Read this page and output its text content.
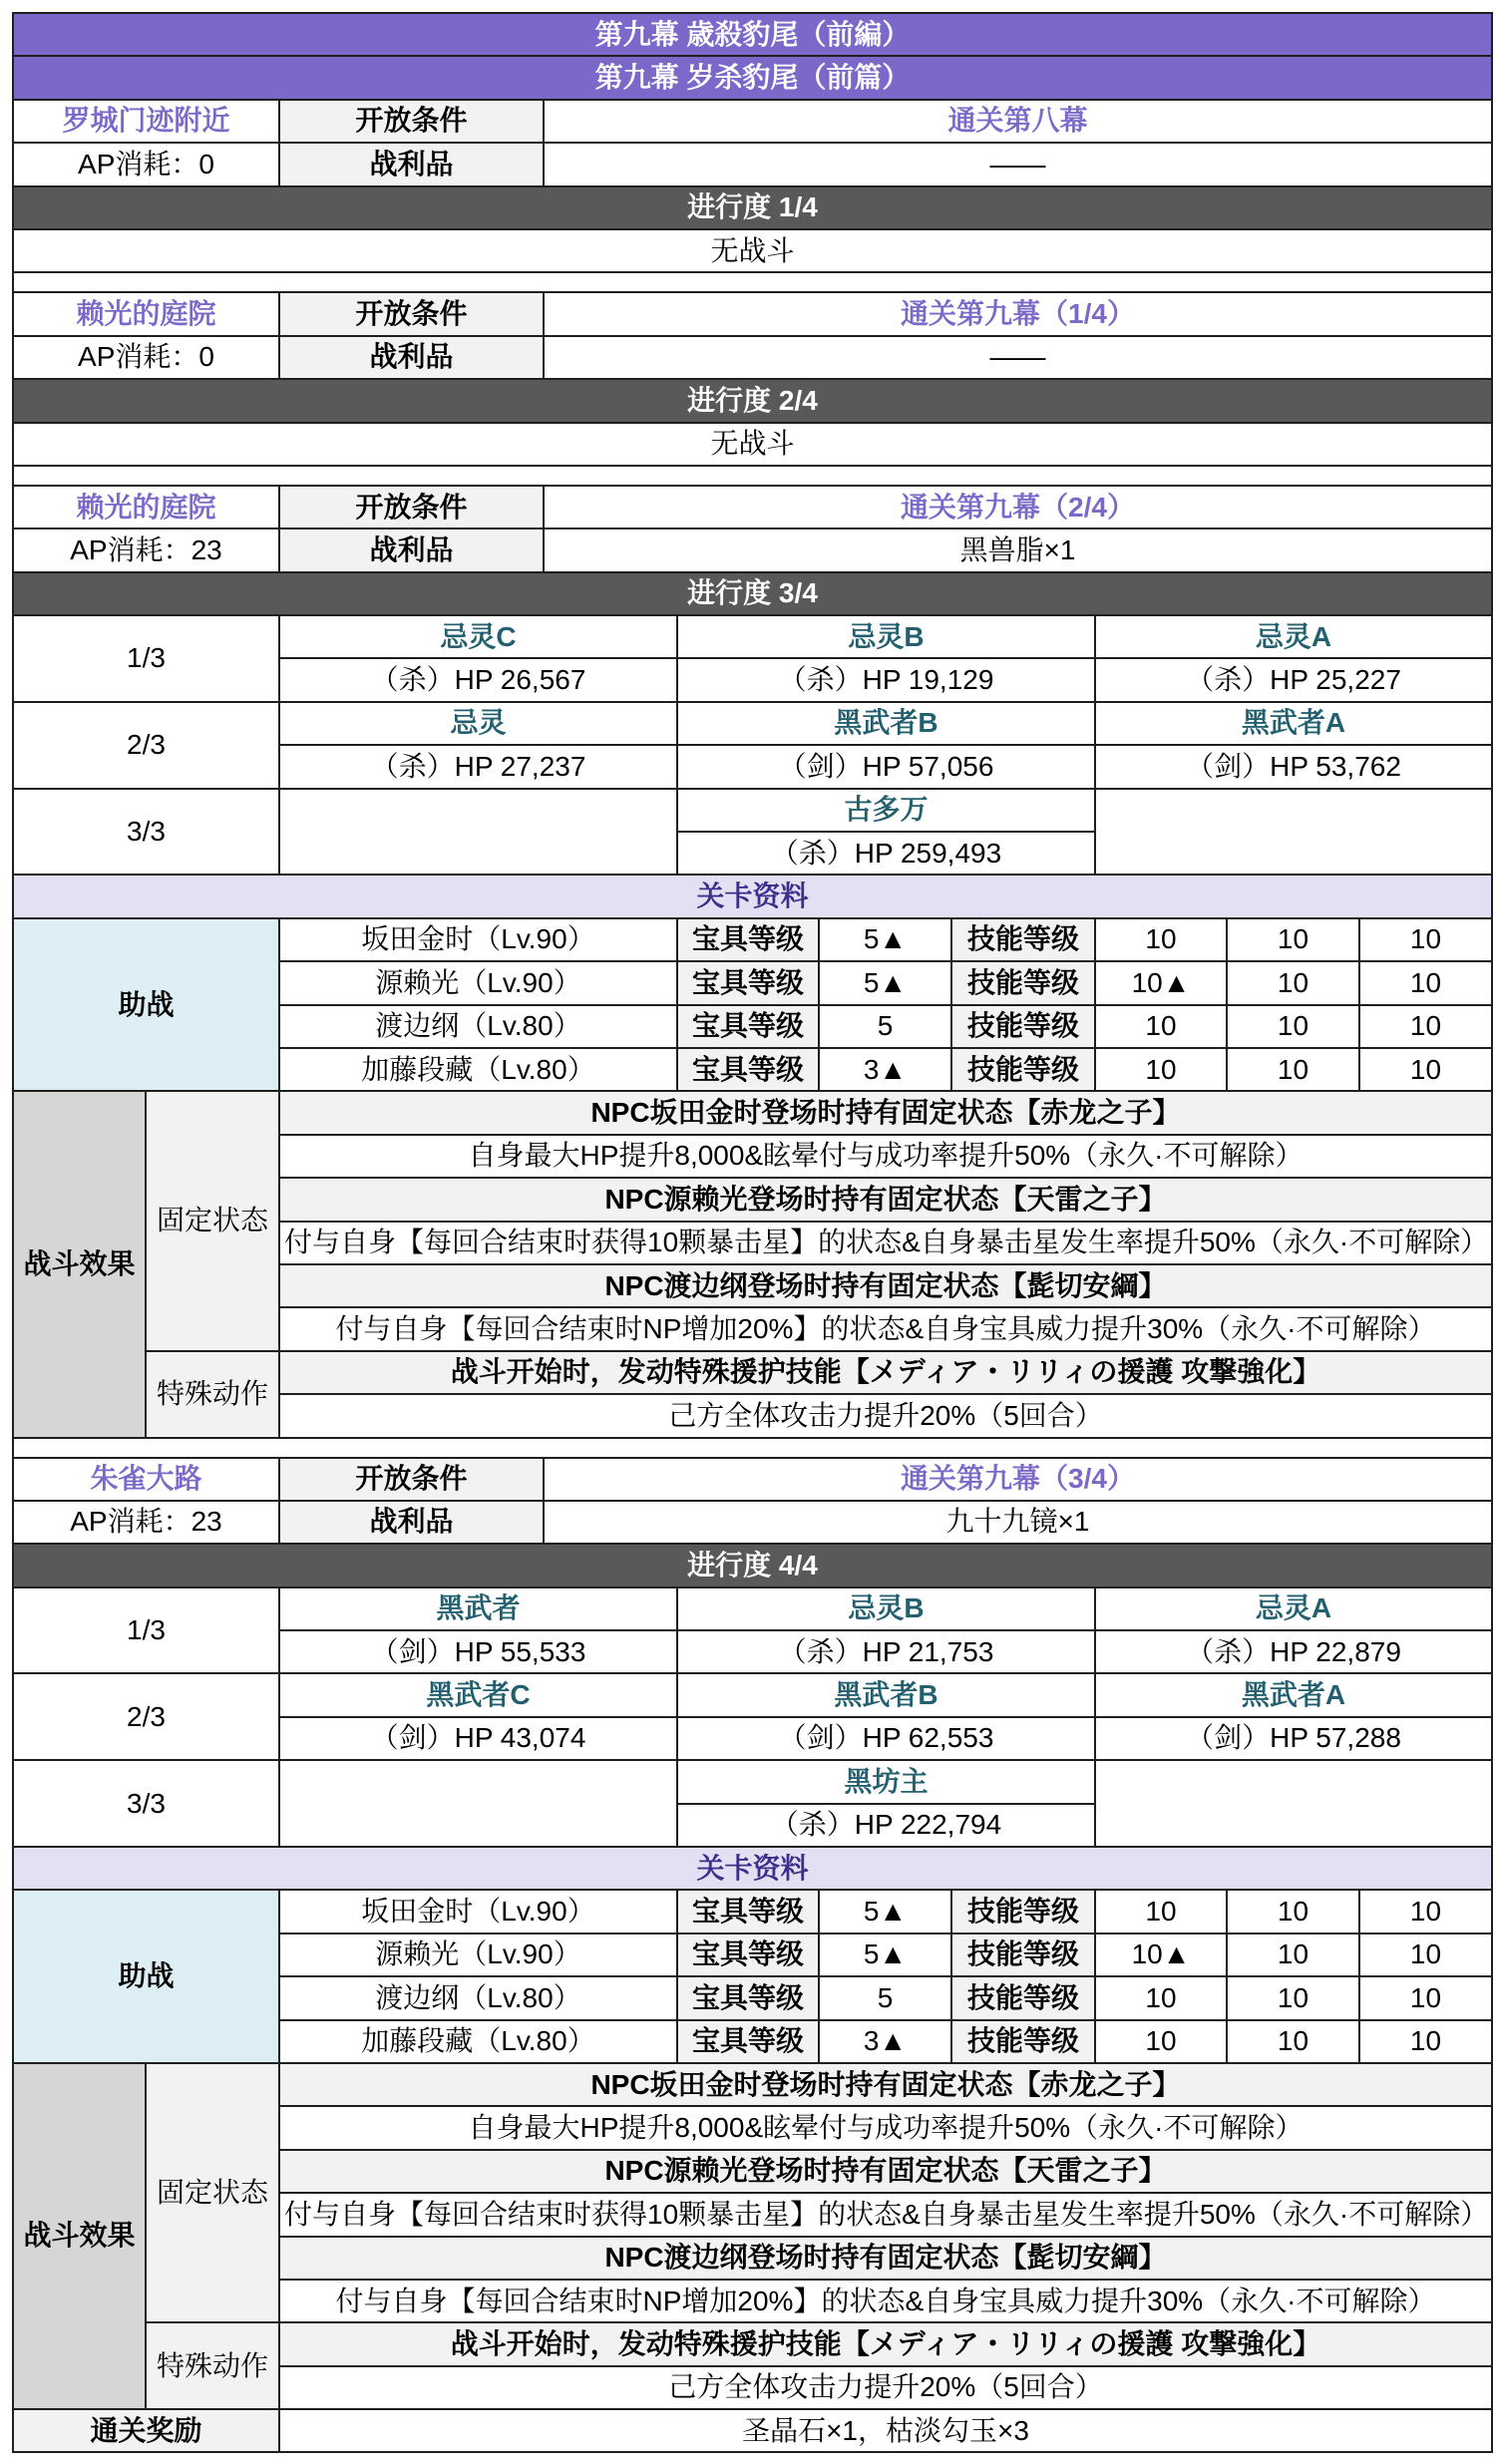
第九幕 歳殺豹尾（前編）									
第九幕 岁杀豹尾（前篇）									
罗城门迹附近		开放条件	通关第八幕						
AP消耗：0		战利品	——						
进行度 1/4									
无战斗									

赖光的庭院		开放条件	通关第九幕（1/4）						
AP消耗：0		战利品	——						
进行度 2/4									
无战斗									

赖光的庭院		开放条件	通关第九幕（2/4）						
AP消耗：23		战利品	黑兽脂×1						
进行度 3/4									
1/3		忌灵C		忌灵B			忌灵A		
		（杀）HP 26,567		（杀）HP 19,129			（杀）HP 25,227		
2/3		忌灵		黑武者B			黑武者A		
		（杀）HP 27,237		（剑）HP 57,056			（剑）HP 53,762		
3/3				古多万					
				（杀）HP 259,493					
关卡资料									
助战		坂田金时（Lv.90）		宝具等级	5▲	技能等级	10	10	10
		源赖光（Lv.90）		宝具等级	5▲	技能等级	10▲	10	10
		渡边纲（Lv.80）		宝具等级	5	技能等级	10	10	10
		加藤段藏（Lv.80）		宝具等级	3▲	技能等级	10	10	10
战斗效果	固定状态	NPC坂田金时登场时持有固定状态【赤龙之子】							
		自身最大HP提升8,000&眩晕付与成功率提升50%（永久·不可解除）							
		NPC源赖光登场时持有固定状态【天雷之子】							
		付与自身【每回合结束时获得10颗暴击星】的状态&自身暴击星发生率提升50%（永久·不可解除）							
		NPC渡边纲登场时持有固定状态【髭切安綱】							
		付与自身【每回合结束时NP增加20%】的状态&自身宝具威力提升30%（永久·不可解除）							
	特殊动作	战斗开始时，发动特殊援护技能【メディア・リリィの援護 攻撃強化】							
		己方全体攻击力提升20%（5回合）							

朱雀大路		开放条件	通关第九幕（3/4）						
AP消耗：23		战利品	九十九镜×1						
进行度 4/4									
1/3		黑武者		忌灵B			忌灵A		
		（剑）HP 55,533		（杀）HP 21,753			（杀）HP 22,879		
2/3		黑武者C		黑武者B			黑武者A		
		（剑）HP 43,074		（剑）HP 62,553			（剑）HP 57,288		
3/3				黑坊主					
				（杀）HP 222,794					
关卡资料									
助战		坂田金时（Lv.90）		宝具等级	5▲	技能等级	10	10	10
		源赖光（Lv.90）		宝具等级	5▲	技能等级	10▲	10	10
		渡边纲（Lv.80）		宝具等级	5	技能等级	10	10	10
		加藤段藏（Lv.80）		宝具等级	3▲	技能等级	10	10	10
战斗效果	固定状态	NPC坂田金时登场时持有固定状态【赤龙之子】							
		自身最大HP提升8,000&眩晕付与成功率提升50%（永久·不可解除）							
		NPC源赖光登场时持有固定状态【天雷之子】							
		付与自身【每回合结束时获得10颗暴击星】的状态&自身暴击星发生率提升50%（永久·不可解除）							
		NPC渡边纲登场时持有固定状态【髭切安綱】							
		付与自身【每回合结束时NP增加20%】的状态&自身宝具威力提升30%（永久·不可解除）							
	特殊动作	战斗开始时，发动特殊援护技能【メディア・リリィの援護 攻撃強化】							
		己方全体攻击力提升20%（5回合）							
通关奖励		圣晶石×1，枯淡勾玉×3							
